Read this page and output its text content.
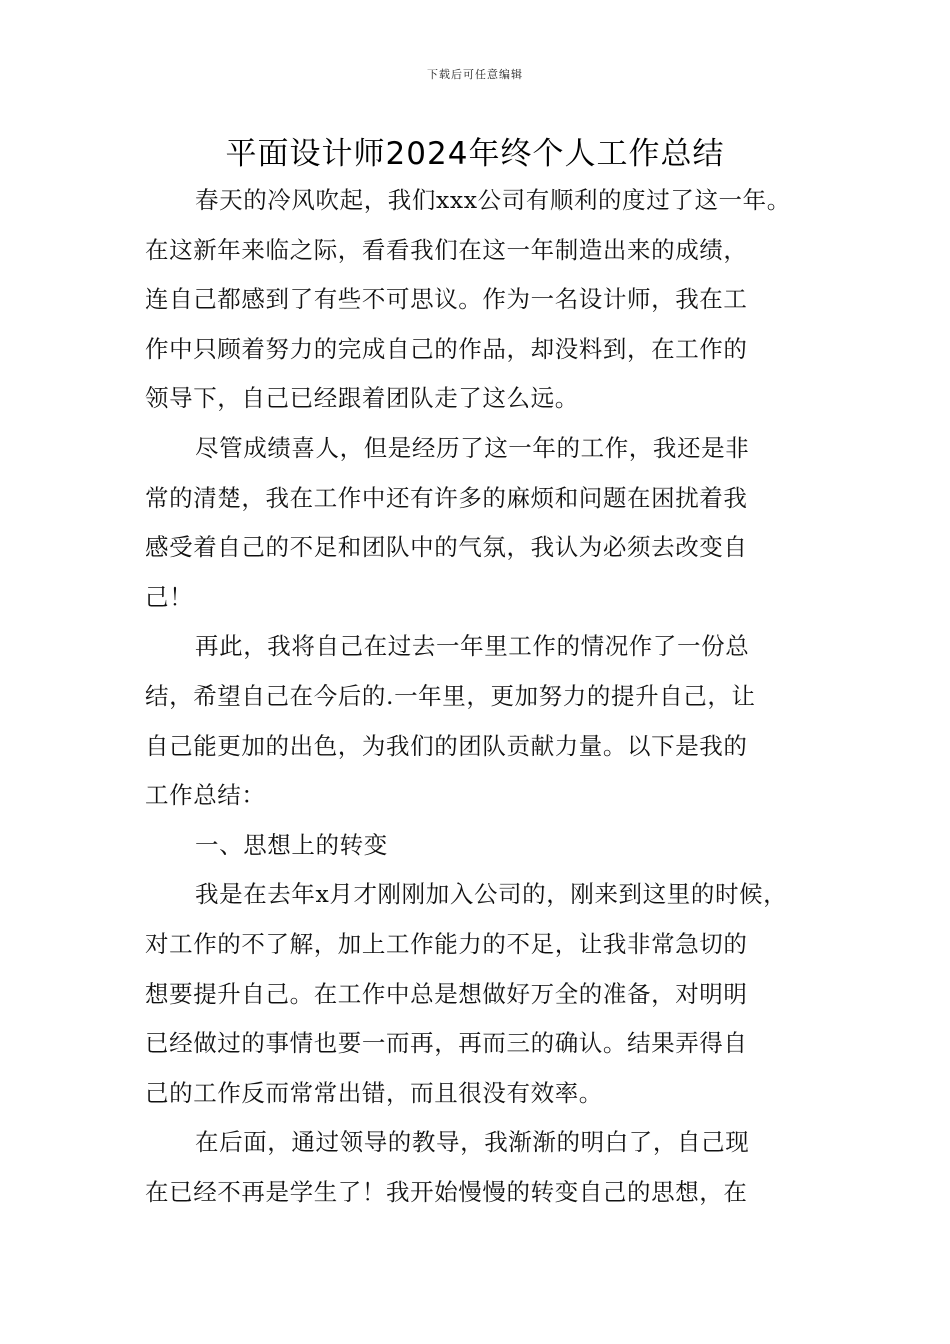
下载后可任意编辑
平面设计师2024年终个人工作总结
春天的冷风吹起，我们xxx公司有顺利的度过了这一年。
在这新年来临之际，看看我们在这一年制造出来的成绩，
连自己都感到了有些不可思议。作为一名设计师，我在工
作中只顾着努力的完成自己的作品，却没料到，在工作的
领导下，自己已经跟着团队走了这么远。
尽管成绩喜人，但是经历了这一年的工作，我还是非
常的清楚，我在工作中还有许多的麻烦和问题在困扰着我
感受着自己的不足和团队中的气氛，我认为必须去改变自
己！
再此，我将自己在过去一年里工作的情况作了一份总
结，希望自己在今后的.一年里，更加努力的提升自己，让
自己能更加的出色，为我们的团队贡献力量。以下是我的
工作总结：
一、思想上的转变
我是在去年x月才刚刚加入公司的，刚来到这里的时候，
对工作的不了解，加上工作能力的不足，让我非常急切的
想要提升自己。在工作中总是想做好万全的准备，对明明
已经做过的事情也要一而再，再而三的确认。结果弄得自
己的工作反而常常出错，而且很没有效率。
在后面，通过领导的教导，我渐渐的明白了，自己现
在已经不再是学生了！我开始慢慢的转变自己的思想，在
